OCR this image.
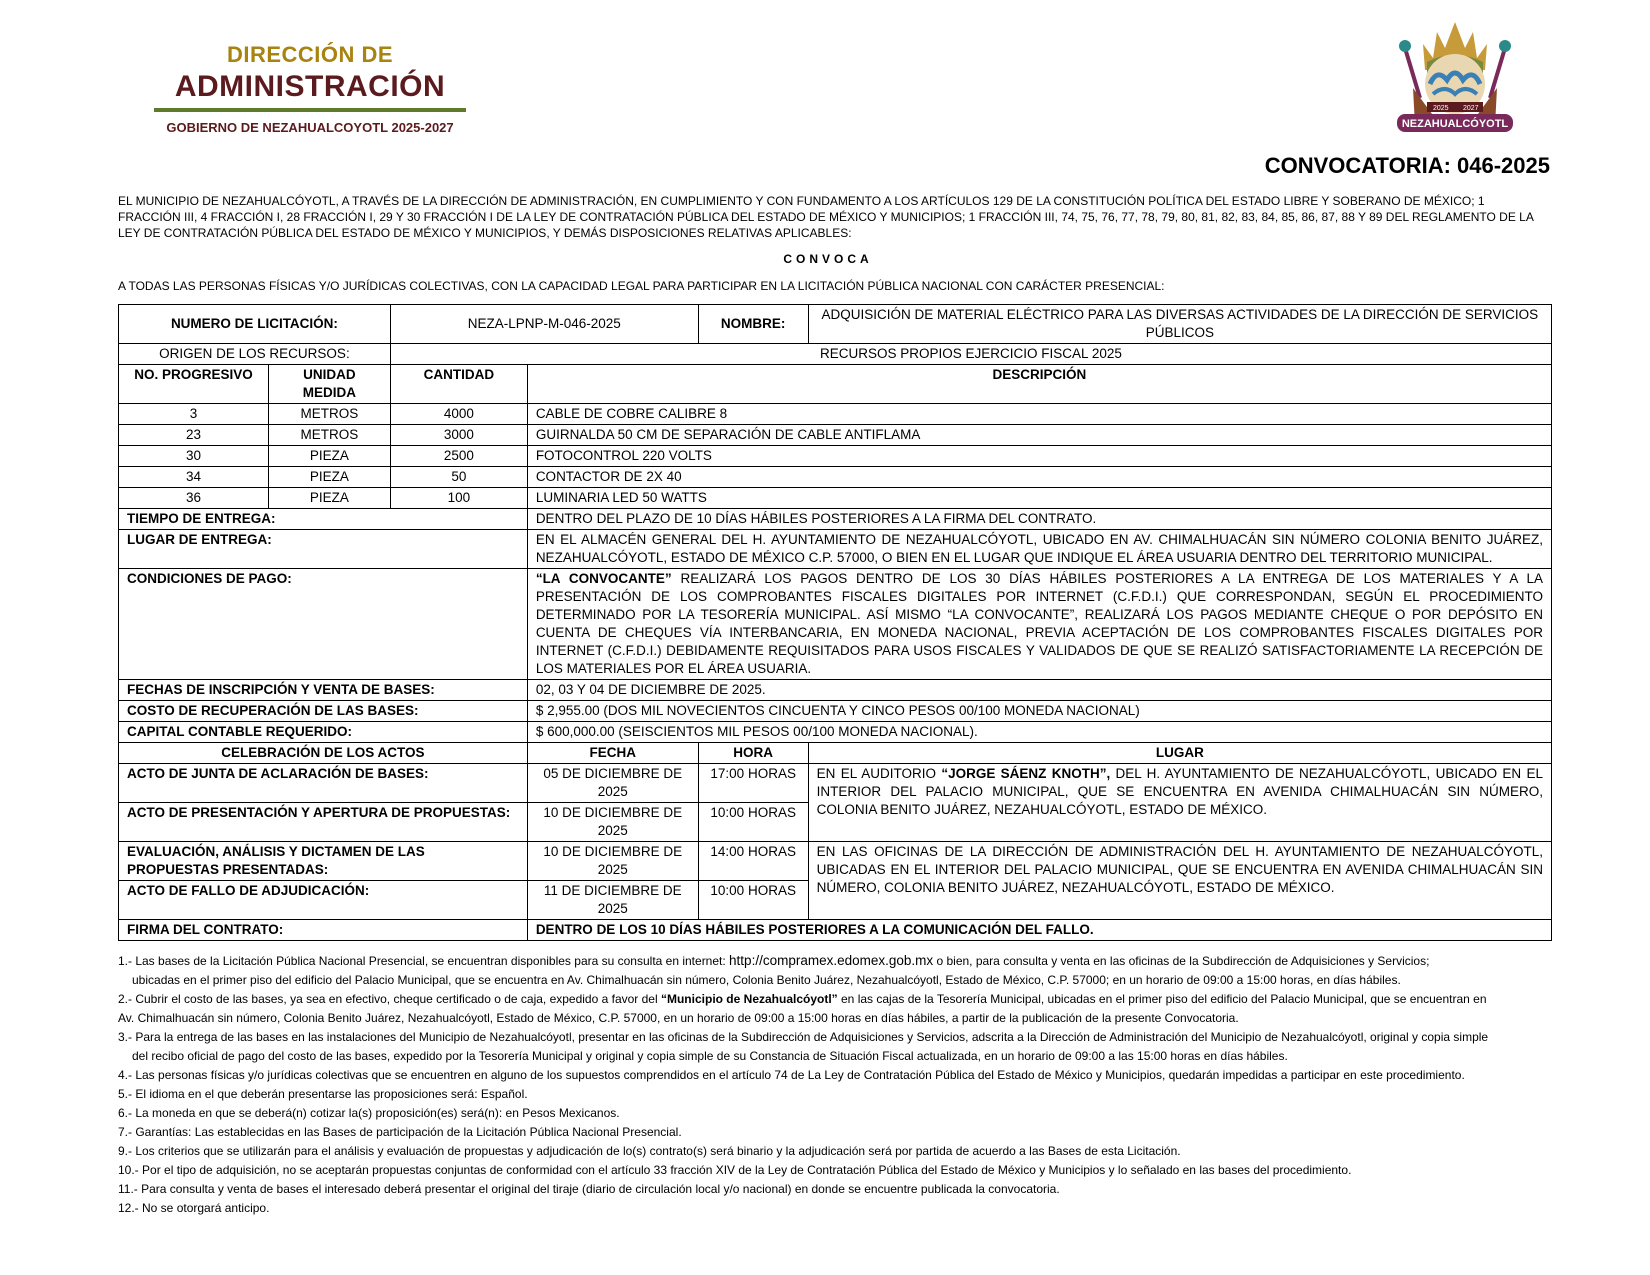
DIRECCIÓN DE
ADMINISTRACIÓN
GOBIERNO DE NEZAHUALCOYOTL 2025-2027
2025 2027
NEZAHUALCÓYOTL
CONVOCATORIA: 046-2025
EL MUNICIPIO DE NEZAHUALCÓYOTL, A TRAVÉS DE LA DIRECCIÓN DE ADMINISTRACIÓN, EN CUMPLIMIENTO Y CON FUNDAMENTO A LOS ARTÍCULOS 129 DE LA CONSTITUCIÓN POLÍTICA DEL ESTADO LIBRE Y SOBERANO DE MÉXICO; 1 FRACCIÓN III, 4 FRACCIÓN I, 28 FRACCIÓN I, 29 Y 30 FRACCIÓN I DE LA LEY DE CONTRATACIÓN PÚBLICA DEL ESTADO DE MÉXICO Y MUNICIPIOS; 1 FRACCIÓN III, 74, 75, 76, 77, 78, 79, 80, 81, 82, 83, 84, 85, 86, 87, 88 Y 89 DEL REGLAMENTO DE LA LEY DE CONTRATACIÓN PÚBLICA DEL ESTADO DE MÉXICO Y MUNICIPIOS, Y DEMÁS DISPOSICIONES RELATIVAS APLICABLES:
CONVOCA
A TODAS LAS PERSONAS FÍSICAS Y/O JURÍDICAS COLECTIVAS, CON LA CAPACIDAD LEGAL PARA PARTICIPAR EN LA LICITACIÓN PÚBLICA NACIONAL CON CARÁCTER PRESENCIAL:
NUMERO DE LICITACIÓN:		NEZA-LPNP-M-046-2025		NOMBRE:	ADQUISICIÓN DE MATERIAL ELÉCTRICO PARA LAS DIVERSAS ACTIVIDADES DE LA DIRECCIÓN DE SERVICIOS PÚBLICOS
ORIGEN DE LOS RECURSOS:		RECURSOS PROPIOS EJERCICIO FISCAL 2025			
NO. PROGRESIVO	UNIDAD MEDIDA	CANTIDAD	DESCRIPCIÓN		
3	METROS	4000	CABLE DE COBRE CALIBRE 8		
23	METROS	3000	GUIRNALDA 50 CM DE SEPARACIÓN DE CABLE ANTIFLAMA		
30	PIEZA	2500	FOTOCONTROL 220 VOLTS		
34	PIEZA	50	CONTACTOR DE 2X 40		
36	PIEZA	100	LUMINARIA LED 50 WATTS		
TIEMPO DE ENTREGA:			DENTRO DEL PLAZO DE 10 DÍAS HÁBILES POSTERIORES A LA FIRMA DEL CONTRATO.		
LUGAR DE ENTREGA:			EN EL ALMACÉN GENERAL DEL H. AYUNTAMIENTO DE NEZAHUALCÓYOTL, UBICADO EN AV. CHIMALHUACÁN SIN NÚMERO COLONIA BENITO JUÁREZ, NEZAHUALCÓYOTL, ESTADO DE MÉXICO C.P. 57000, O BIEN EN EL LUGAR QUE INDIQUE EL ÁREA USUARIA DENTRO DEL TERRITORIO MUNICIPAL.		
CONDICIONES DE PAGO:			“LA CONVOCANTE” REALIZARÁ LOS PAGOS DENTRO DE LOS 30 DÍAS HÁBILES POSTERIORES A LA ENTREGA DE LOS MATERIALES Y A LA PRESENTACIÓN DE LOS COMPROBANTES FISCALES DIGITALES POR INTERNET (C.F.D.I.) QUE CORRESPONDAN, SEGÚN EL PROCEDIMIENTO DETERMINADO POR LA TESORERÍA MUNICIPAL. ASÍ MISMO “LA CONVOCANTE”, REALIZARÁ LOS PAGOS MEDIANTE CHEQUE O POR DEPÓSITO EN CUENTA DE CHEQUES VÍA INTERBANCARIA, EN MONEDA NACIONAL, PREVIA ACEPTACIÓN DE LOS COMPROBANTES FISCALES DIGITALES POR INTERNET (C.F.D.I.) DEBIDAMENTE REQUISITADOS PARA USOS FISCALES Y VALIDADOS DE QUE SE REALIZÓ SATISFACTORIAMENTE LA RECEPCIÓN DE LOS MATERIALES POR EL ÁREA USUARIA.		
FECHAS DE INSCRIPCIÓN Y VENTA DE BASES:			02, 03 Y 04 DE DICIEMBRE DE 2025.		
COSTO DE RECUPERACIÓN DE LAS BASES:			$ 2,955.00 (DOS MIL NOVECIENTOS CINCUENTA Y CINCO PESOS 00/100 MONEDA NACIONAL)		
CAPITAL CONTABLE REQUERIDO:			$ 600,000.00 (SEISCIENTOS MIL PESOS 00/100 MONEDA NACIONAL).		
CELEBRACIÓN DE LOS ACTOS			FECHA	HORA	LUGAR
ACTO DE JUNTA DE ACLARACIÓN DE BASES:			05 DE DICIEMBRE DE 2025	17:00 HORAS	EN EL AUDITORIO “JORGE SÁENZ KNOTH”, DEL H. AYUNTAMIENTO DE NEZAHUALCÓYOTL, UBICADO EN EL INTERIOR DEL PALACIO MUNICIPAL, QUE SE ENCUENTRA EN AVENIDA CHIMALHUACÁN SIN NÚMERO, COLONIA BENITO JUÁREZ, NEZAHUALCÓYOTL, ESTADO DE MÉXICO.
ACTO DE PRESENTACIÓN Y APERTURA DE PROPUESTAS:			10 DE DICIEMBRE DE 2025	10:00 HORAS	
EVALUACIÓN, ANÁLISIS Y DICTAMEN DE LAS PROPUESTAS PRESENTADAS:			10 DE DICIEMBRE DE 2025	14:00 HORAS	EN LAS OFICINAS DE LA DIRECCIÓN DE ADMINISTRACIÓN DEL H. AYUNTAMIENTO DE NEZAHUALCÓYOTL, UBICADAS EN EL INTERIOR DEL PALACIO MUNICIPAL, QUE SE ENCUENTRA EN AVENIDA CHIMALHUACÁN SIN NÚMERO, COLONIA BENITO JUÁREZ, NEZAHUALCÓYOTL, ESTADO DE MÉXICO.
ACTO DE FALLO DE ADJUDICACIÓN:			11 DE DICIEMBRE DE 2025	10:00 HORAS	
FIRMA DEL CONTRATO:			DENTRO DE LOS 10 DÍAS HÁBILES POSTERIORES A LA COMUNICACIÓN DEL FALLO.		
1.- Las bases de la Licitación Pública Nacional Presencial, se encuentran disponibles para su consulta en internet: http://compramex.edomex.gob.mx o bien, para consulta y venta en las oficinas de la Subdirección de Adquisiciones y Servicios;
ubicadas en el primer piso del edificio del Palacio Municipal, que se encuentra en Av. Chimalhuacán sin número, Colonia Benito Juárez, Nezahualcóyotl, Estado de México, C.P. 57000; en un horario de 09:00 a 15:00 horas, en días hábiles.
2.- Cubrir el costo de las bases, ya sea en efectivo, cheque certificado o de caja, expedido a favor del “Municipio de Nezahualcóyotl” en las cajas de la Tesorería Municipal, ubicadas en el primer piso del edificio del Palacio Municipal, que se encuentran en
Av. Chimalhuacán sin número, Colonia Benito Juárez, Nezahualcóyotl, Estado de México, C.P. 57000, en un horario de 09:00 a 15:00 horas en días hábiles, a partir de la publicación de la presente Convocatoria.
3.- Para la entrega de las bases en las instalaciones del Municipio de Nezahualcóyotl, presentar en las oficinas de la Subdirección de Adquisiciones y Servicios, adscrita a la Dirección de Administración del Municipio de Nezahualcóyotl, original y copia simple
del recibo oficial de pago del costo de las bases, expedido por la Tesorería Municipal y original y copia simple de su Constancia de Situación Fiscal actualizada, en un horario de 09:00 a las 15:00 horas en días hábiles.
4.- Las personas físicas y/o jurídicas colectivas que se encuentren en alguno de los supuestos comprendidos en el artículo 74 de La Ley de Contratación Pública del Estado de México y Municipios, quedarán impedidas a participar en este procedimiento.
5.- El idioma en el que deberán presentarse las proposiciones será: Español.
6.- La moneda en que se deberá(n) cotizar la(s) proposición(es) será(n): en Pesos Mexicanos.
7.- Garantías: Las establecidas en las Bases de participación de la Licitación Pública Nacional Presencial.
9.- Los criterios que se utilizarán para el análisis y evaluación de propuestas y adjudicación de lo(s) contrato(s) será binario y la adjudicación será por partida de acuerdo a las Bases de esta Licitación.
10.- Por el tipo de adquisición, no se aceptarán propuestas conjuntas de conformidad con el artículo 33 fracción XIV de la Ley de Contratación Pública del Estado de México y Municipios y lo señalado en las bases del procedimiento.
11.- Para consulta y venta de bases el interesado deberá presentar el original del tiraje (diario de circulación local y/o nacional) en donde se encuentre publicada la convocatoria.
12.- No se otorgará anticipo.
